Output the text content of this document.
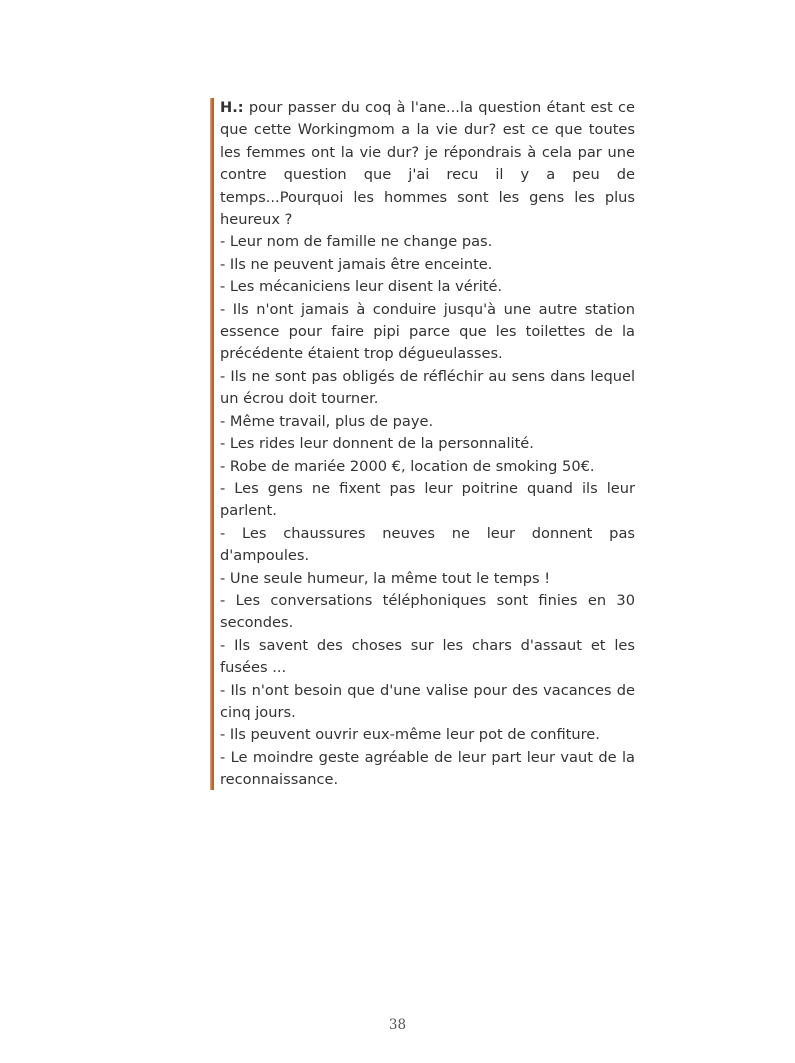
H.: pour passer du coq à l'ane...la question étant est ce que cette Workingmom a la vie dur? est ce que toutes les femmes ont la vie dur? je répondrais à cela par une contre question que j'ai recu il y a peu de temps...Pourquoi les hommes sont les gens les plus heureux ?

- Leur nom de famille ne change pas.

- Ils ne peuvent jamais être enceinte.

- Les mécaniciens leur disent la vérité.

- Ils n'ont jamais à conduire jusqu'à une autre station essence pour faire pipi parce que les toilettes de la précédente étaient trop dégueulasses.

- Ils ne sont pas obligés de réfléchir au sens dans lequel un écrou doit tourner.

- Même travail, plus de paye.

- Les rides leur donnent de la personnalité.

- Robe de mariée 2000 €, location de smoking 50€.

- Les gens ne fixent pas leur poitrine quand ils leur parlent.

- Les chaussures neuves ne leur donnent pas d'ampoules.

- Une seule humeur, la même tout le temps !

- Les conversations téléphoniques sont finies en 30 secondes.

- Ils savent des choses sur les chars d'assaut et les fusées ...

- Ils n'ont besoin que d'une valise pour des vacances de cinq jours.

- Ils peuvent ouvrir eux-même leur pot de confiture.

- Le moindre geste agréable de leur part leur vaut de la reconnaissance.

38
